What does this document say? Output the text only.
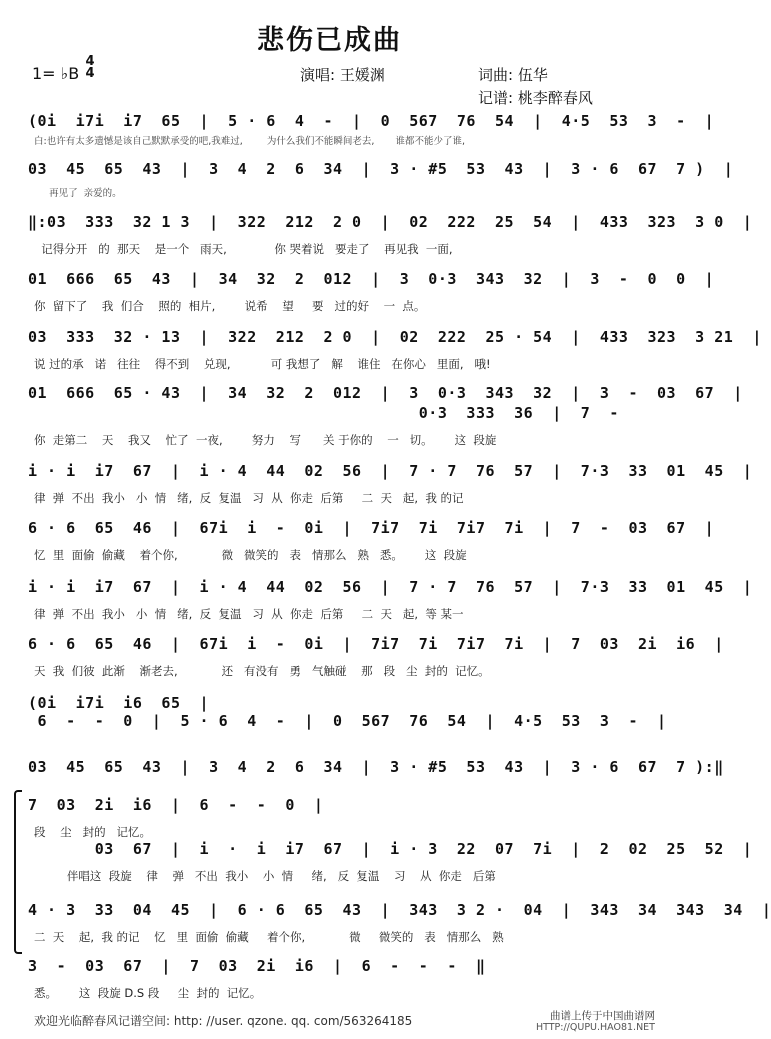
悲伤已成曲
1= ♭B
4
4	演唱: 王媛渊	词曲: 伍华
记谱: 桃李醉春风
(0i  i7i  i7  65  |  5 · 6  4  -  |  0  567  76  54  |  4·5  53  3  -  |
白:也许有太多遗憾是该自己默默承受的吧,我难过,        为什么我们不能瞬间老去,       谁都不能少了谁,
03  45  65  43  |  3  4  2  6  34  |  3 · #5  53  43  |  3 · 6  67  7 )  |
再见了  亲爱的。
‖:03  333  32 1 3  |  322  212  2 0  |  02  222  25  54  |  433  323  3 0  |
记得分开   的  那天    是一个   雨天,             你 哭着说   要走了    再见我  一面,
01  666  65  43  |  34  32  2  012  |  3  0·3  343  32  |  3  -  0  0  |
你  留下了    我  们合    照的  相片,        说希    望     要   过的好    一  点。
03  333  32 · 13  |  322  212  2 0  |  02  222  25 · 54  |  433  323  3 21  |
说 过的承   诺   往往    得不到    兑现,           可 我想了   解    谁住   在你心   里面,   哦!
01  666  65 · 43  |  34  32  2  012  |  3  0·3  343  32  |  3  -  03  67  |
0·3  333  36  |  7  -
你  走第二    天    我又    忙了  一夜,        努力    写      关 于你的    一   切。      这  段旋
i · i  i7  67  |  i · 4  44  02  56  |  7 · 7  76  57  |  7·3  33  01  45  |
律  弹  不出  我小   小  情   绪,  反  复温   习  从  你走  后第     二  天   起,  我 的记
6 · 6  65  46  |  67i  i  -  0i  |  7i7  7i  7i7  7i  |  7  -  03  67  |
忆  里  面偷  偷藏    着个你,            微   微笑的   表   情那么   熟   悉。      这  段旋
i · i  i7  67  |  i · 4  44  02  56  |  7 · 7  76  57  |  7·3  33  01  45  |
律  弹  不出  我小   小  情   绪,  反  复温   习  从  你走  后第     二  天   起,  等 某一
6 · 6  65  46  |  67i  i  -  0i  |  7i7  7i  7i7  7i  |  7  03  2i  i6  |
天  我  们彼  此渐    渐老去,            还   有没有   勇   气触碰    那   段   尘  封的  记忆。
(0i  i7i  i6  65  |
6  -  -  0  |  5 · 6  4  -  |  0  567  76  54  |  4·5  53  3  -  |
03  45  65  43  |  3  4  2  6  34  |  3 · #5  53  43  |  3 · 6  67  7 ):‖
7  03  2i  i6  |  6  -  -  0  |
段    尘   封的   记忆。
03  67  |  i  ·  i  i7  67  |  i · 3  22  07  7i  |  2  02  25  52  |
伴唱这  段旋    律    弹   不出  我小    小  情     绪,   反  复温    习    从  你走   后第
4 · 3  33  04  45  |  6 · 6  65  43  |  343  3 2 ·  04  |  343  34  343  34  |
二  天    起,  我 的记    忆   里  面偷  偷藏     着个你,            微     微笑的   表   情那么   熟
3  -  03  67  |  7  03  2i  i6  |  6  -  -  -  ‖
悉。      这  段旋 D.S 段     尘  封的  记忆。
欢迎光临醉春风记谱空间: http: //user. qzone. qq. com/563264185	曲谱上传于中国曲谱网
HTTP://QUPU.HAO81.NET
